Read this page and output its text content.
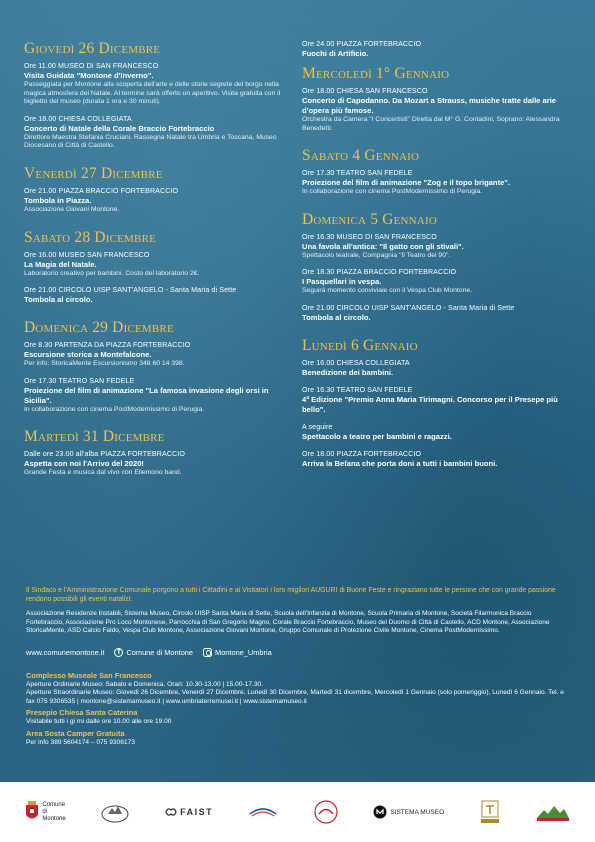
Giovedì 26 Dicembre
Ore 11.00 MUSEO DI SAN FRANCESCO
Visita Guidata "Montone d'Inverno".
Passeggiata per Montone alla scoperta dell'arte e delle storie segrete del borgo nella magica atmosfera del Natale. Al termine sarà offerto un aperitivo. Visita gratuita con il biglietto del museo (durata 1 ora e 30 minuti).
Ore 18.00 CHIESA COLLEGIATA
Concerto di Natale della Corale Braccio Fortebraccio
Direttore Maestra Stefania Cruciani. Rassegna Natale tra Umbria e Toscana, Museo Diocesano di Città di Castello.
Venerdì 27 Dicembre
Ore 21.00 PIAZZA BRACCIO FORTEBRACCIO
Tombola in Piazza.
Associazione Giovani Montone.
Sabato 28 Dicembre
Ore 16.00 MUSEO SAN FRANCESCO
La Magia del Natale.
Laboratorio creativo per bambini. Costo del laboratorio 2€.
Ore 21.00 CIRCOLO UISP SANT'ANGELO - Santa Maria di Sette
Tombola al circolo.
Domenica 29 Dicembre
Ore 8.30 PARTENZA DA PIAZZA FORTEBRACCIO
Escursione storica a Montefalcone.
Per info: StoricaMente Escursionismo 348 60 14 398.
Ore 17.30 TEATRO SAN FEDELE
Proiezione del film di animazione "La famosa invasione degli orsi in Sicilia".
In collaborazione con cinema PostModernissimo di Perugia.
Martedì 31 Dicembre
Dalle ore 23.00 all'alba PIAZZA FORTEBRACCIO
Aspetta con noi l'Arrivo del 2020!
Grande Festa e musica dal vivo con Ellemono band.
Ore 24.00 PIAZZA FORTEBRACCIO
Fuochi di Artificio.
Mercoledì 1° Gennaio
Ore 18.00 CHIESA SAN FRANCESCO
Concerto di Capodanno. Da Mozart a Strauss, musiche tratte dalle arie d'opera più famose.
Orchestra da Camera "I Concertisti" Diretta dal M° G. Contadini, Soprano: Alessandra Benedetti.
Sabato 4 Gennaio
Ore 17.30 TEATRO SAN FEDELE
Proiezione del film di animazione "Zog e il topo brigante".
In collaborazione con cinema PostModernissimo di Perugia.
Domenica 5 Gennaio
Ore 16.30 MUSEO DI SAN FRANCESCO
Una favola all'antica: "Il gatto con gli stivali".
Spettacolo teatrale, Compagnia "Il Teatro dei 90".
Ore 18.30 PIAZZA BRACCIO FORTEBRACCIO
I Pasquellari in vespa.
Seguirà momento conviviale con il Vespa Club Montone.
Ore 21.00 CIRCOLO UISP SANT'ANGELO - Santa Maria di Sette
Tombola al circolo.
Lunedì 6 Gennaio
Ore 16.00 CHIESA COLLEGIATA
Benedizione dei bambini.
Ore 16.30 TEATRO SAN FEDELE
4ª Edizione "Premio Anna Maria Tirimagni. Concorso per il Presepe più bello".
A seguire
Spettacolo a teatro per bambini e ragazzi.
Ore 18.00 PIAZZA FORTEBRACCIO
Arriva la Befana che porta doni a tutti i bambini buoni.
Il Sindaco e l'Amministrazione Comunale porgono a tutti i Cittadini e ai Visitatori i loro migliori AUGURI di Buone Feste e ringraziano tutte le persone che con grande passione rendono possibili gli eventi natalizi:
Associazione Residenze Instabili, Sistema Museo, Circolo UISP Santa Maria di Sette, Scuola dell'Infanzia di Montone, Scuola Primaria di Montone, Società Filarmonica Braccio Fortebraccio, Associazione Pro Loco Montonese, Parrocchia di San Gregorio Magno, Corale Braccio Fortebraccio, Museo del Duomo di Città di Castello, ACD Montone, Associazione StoricaMente, ASD Calcio Faldo, Vespa Club Montone, Associazione Giovani Montone, Gruppo Comunale di Protezione Civile Montone, Cinema PostModernissimo.
www.comunemontone.it
f	Comune di Montone	Montone_Umbria
Complesso Museale San Francesco
Aperture Ordinarie Museo: Sabato e Domenica. Orari: 10.30-13.00 | 15.00-17.30.
Aperture Straordinarie Museo: Giovedì 26 Dicembre, Venerdì 27 Dicembre, Lunedì 30 Dicembre, Martedì 31 dicembre, Mercoledì 1 Gennaio (solo pomeriggio), Lunedì 6 Gennaio. Tel. e fax 075 9306535 | montone@sistemamuseo.it | www.umbriaterremusei.it | www.sistemamuseo.it
Presepio Chiesa Santa Caterina
Visitabile tutti i gi rni dalle ore 10.00 alle ore 19.00
Area Sosta Camper Gratuita
Per info 389 5604174 – 075 9306173
Comune
di
Montone
FAIST	SISTEMA MUSEO
